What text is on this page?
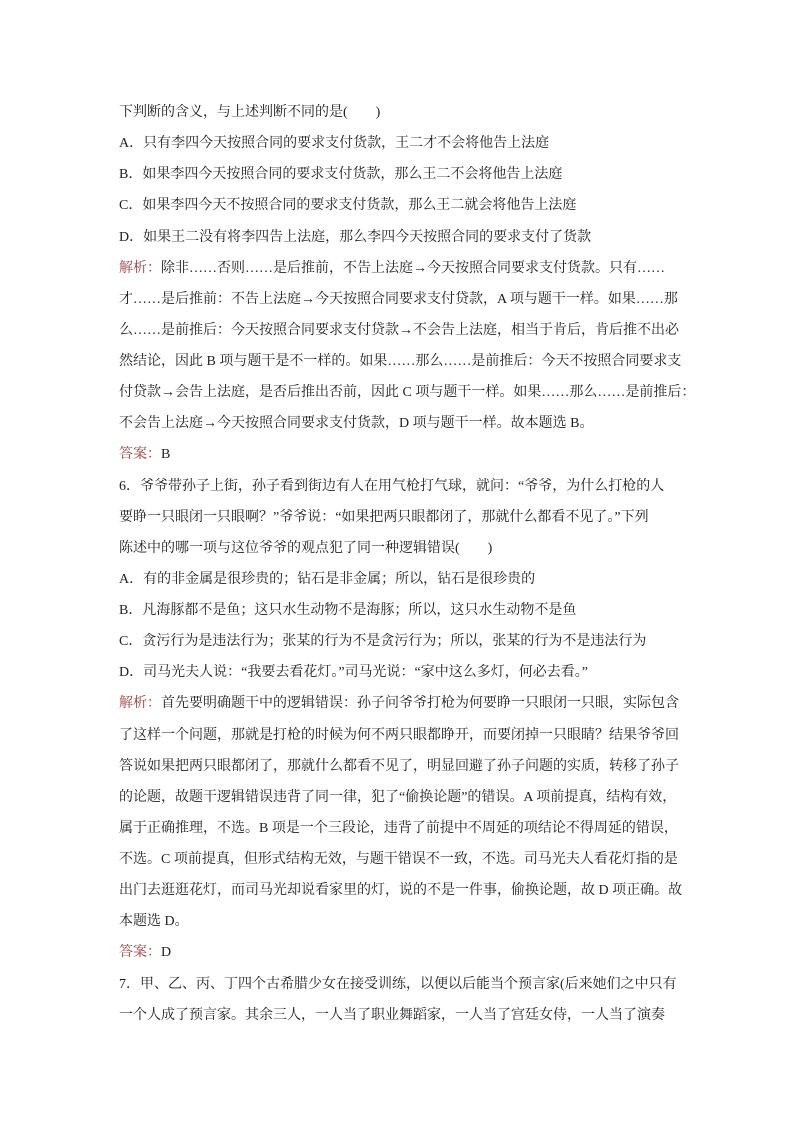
下判断的含义，与上述判断不同的是(　　)
A．只有李四今天按照合同的要求支付货款，王二才不会将他告上法庭
B．如果李四今天按照合同的要求支付货款，那么王二不会将他告上法庭
C．如果李四今天不按照合同的要求支付货款，那么王二就会将他告上法庭
D．如果王二没有将李四告上法庭，那么李四今天按照合同的要求支付了货款
解析：除非……否则……是后推前，不告上法庭→今天按照合同要求支付货款。只有……
才……是后推前：不告上法庭→今天按照合同要求支付贷款，A 项与题干一样。如果……那
么……是前推后：今天按照合同要求支付贷款→不会告上法庭，相当于肯后，肯后推不出必
然结论，因此 B 项与题干是不一样的。如果……那么……是前推后：今天不按照合同要求支
付贷款→会告上法庭，是否后推出否前，因此 C 项与题干一样。如果……那么……是前推后：
不会告上法庭→今天按照合同要求支付货款，D 项与题干一样。故本题选 B。
答案：B
6．爷爷带孙子上街，孙子看到街边有人在用气枪打气球，就问：“爷爷，为什么打枪的人
要睁一只眼闭一只眼啊？”爷爷说：“如果把两只眼都闭了，那就什么都看不见了。”下列
陈述中的哪一项与这位爷爷的观点犯了同一种逻辑错误(　　)
A．有的非金属是很珍贵的；钻石是非金属；所以，钻石是很珍贵的
B．凡海豚都不是鱼；这只水生动物不是海豚；所以，这只水生动物不是鱼
C．贪污行为是违法行为；张某的行为不是贪污行为；所以，张某的行为不是违法行为
D．司马光夫人说：“我要去看花灯。”司马光说：“家中这么多灯，何必去看。”
解析：首先要明确题干中的逻辑错误：孙子问爷爷打枪为何要睁一只眼闭一只眼，实际包含
了这样一个问题，那就是打枪的时候为何不两只眼都睁开，而要闭掉一只眼睛？结果爷爷回
答说如果把两只眼都闭了，那就什么都看不见了，明显回避了孙子问题的实质，转移了孙子
的论题，故题干逻辑错误违背了同一律，犯了“偷换论题”的错误。A 项前提真，结构有效，
属于正确推理，不选。B 项是一个三段论，违背了前提中不周延的项结论不得周延的错误，
不选。C 项前提真，但形式结构无效，与题干错误不一致，不选。司马光夫人看花灯指的是
出门去逛逛花灯，而司马光却说看家里的灯，说的不是一件事，偷换论题，故 D 项正确。故
本题选 D。
答案：D
7．甲、乙、丙、丁四个古希腊少女在接受训练，以便以后能当个预言家(后来她们之中只有
一个人成了预言家。其余三人，一人当了职业舞蹈家，一人当了宫廷女侍，一人当了演奏
